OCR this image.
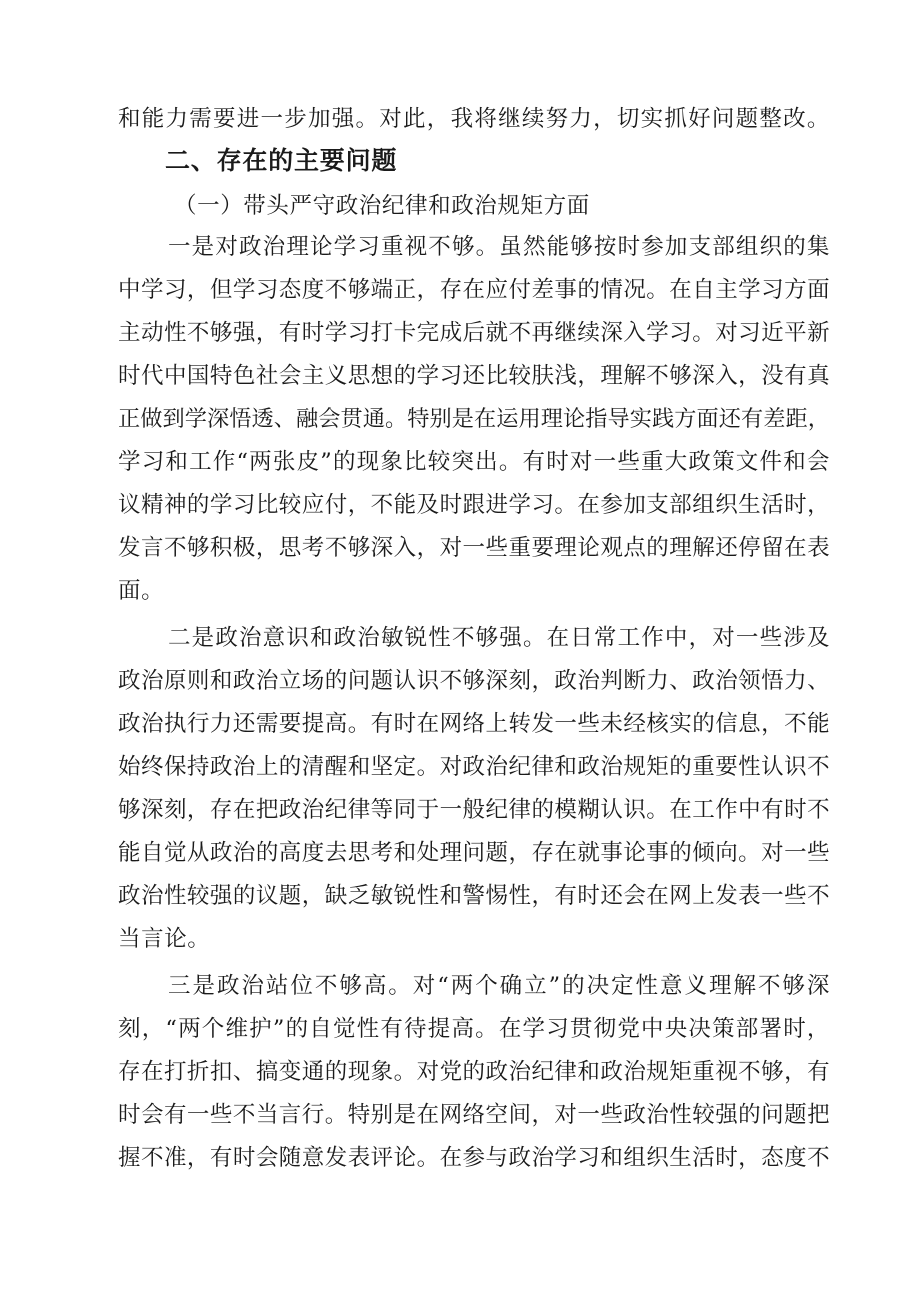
和能力需要进一步加强。对此，我将继续努力，切实抓好问题整改。
二、存在的主要问题
（一）带头严守政治纪律和政治规矩方面
一是对政治理论学习重视不够。虽然能够按时参加支部组织的集
中学习，但学习态度不够端正，存在应付差事的情况。在自主学习方面
主动性不够强，有时学习打卡完成后就不再继续深入学习。对习近平新
时代中国特色社会主义思想的学习还比较肤浅，理解不够深入，没有真
正做到学深悟透、融会贯通。特别是在运用理论指导实践方面还有差距，
学习和工作“两张皮”的现象比较突出。有时对一些重大政策文件和会
议精神的学习比较应付，不能及时跟进学习。在参加支部组织生活时，
发言不够积极，思考不够深入，对一些重要理论观点的理解还停留在表
面。
二是政治意识和政治敏锐性不够强。在日常工作中，对一些涉及
政治原则和政治立场的问题认识不够深刻，政治判断力、政治领悟力、
政治执行力还需要提高。有时在网络上转发一些未经核实的信息，不能
始终保持政治上的清醒和坚定。对政治纪律和政治规矩的重要性认识不
够深刻，存在把政治纪律等同于一般纪律的模糊认识。在工作中有时不
能自觉从政治的高度去思考和处理问题，存在就事论事的倾向。对一些
政治性较强的议题，缺乏敏锐性和警惕性，有时还会在网上发表一些不
当言论。
三是政治站位不够高。对“两个确立”的决定性意义理解不够深
刻，“两个维护”的自觉性有待提高。在学习贯彻党中央决策部署时，
存在打折扣、搞变通的现象。对党的政治纪律和政治规矩重视不够，有
时会有一些不当言行。特别是在网络空间，对一些政治性较强的问题把
握不准，有时会随意发表评论。在参与政治学习和组织生活时，态度不
